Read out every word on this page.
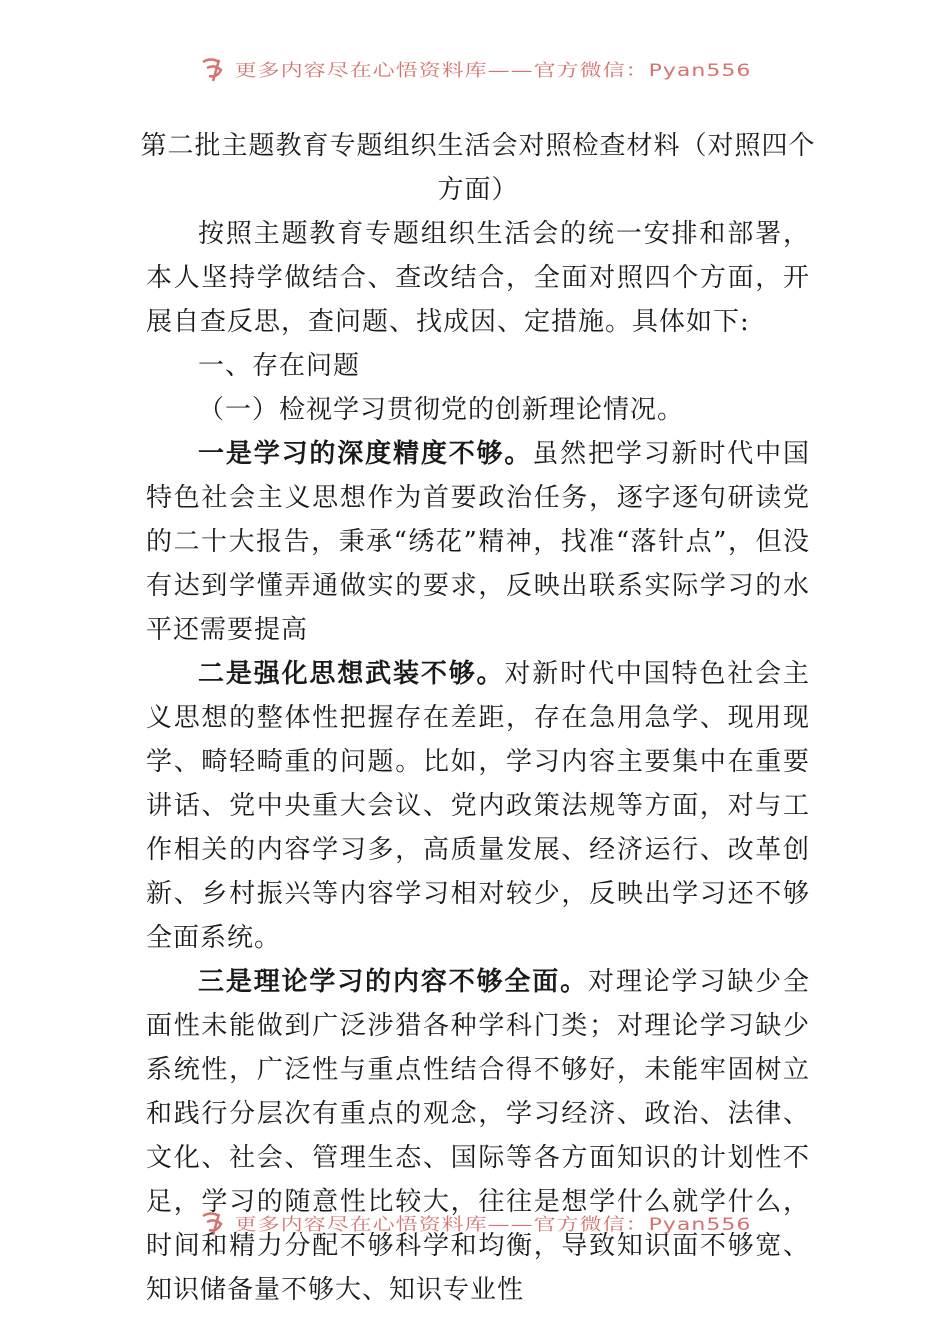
更多内容尽在心悟资料库——官方微信：Pyan556
第二批主题教育专题组织生活会对照检查材料（对照四个方面）

按照主题教育专题组织生活会的统一安排和部署，本人坚持学做结合、查改结合，全面对照四个方面，开展自查反思，查问题、找成因、定措施。具体如下:

一、存在问题

（一）检视学习贯彻党的创新理论情况。

一是学习的深度精度不够。虽然把学习新时代中国特色社会主义思想作为首要政治任务，逐字逐句研读党的二十大报告，秉承“绣花”精神，找准“落针点”，但没有达到学懂弄通做实的要求，反映出联系实际学习的水平还需要提高

二是强化思想武装不够。对新时代中国特色社会主义思想的整体性把握存在差距，存在急用急学、现用现学、畸轻畸重的问题。比如，学习内容主要集中在重要讲话、党中央重大会议、党内政策法规等方面，对与工作相关的内容学习多，高质量发展、经济运行、改革创新、乡村振兴等内容学习相对较少，反映出学习还不够全面系统。

三是理论学习的内容不够全面。对理论学习缺少全面性未能做到广泛涉猎各种学科门类；对理论学习缺少系统性，广泛性与重点性结合得不够好，未能牢固树立和践行分层次有重点的观念，学习经济、政治、法律、文化、社会、管理生态、国际等各方面知识的计划性不足，学习的随意性比较大，往往是想学什么就学什么，时间和精力分配不够科学和均衡，导致知识面不够宽、知识储备量不够大、知识专业性

更多内容尽在心悟资料库——官方微信：Pyan556
